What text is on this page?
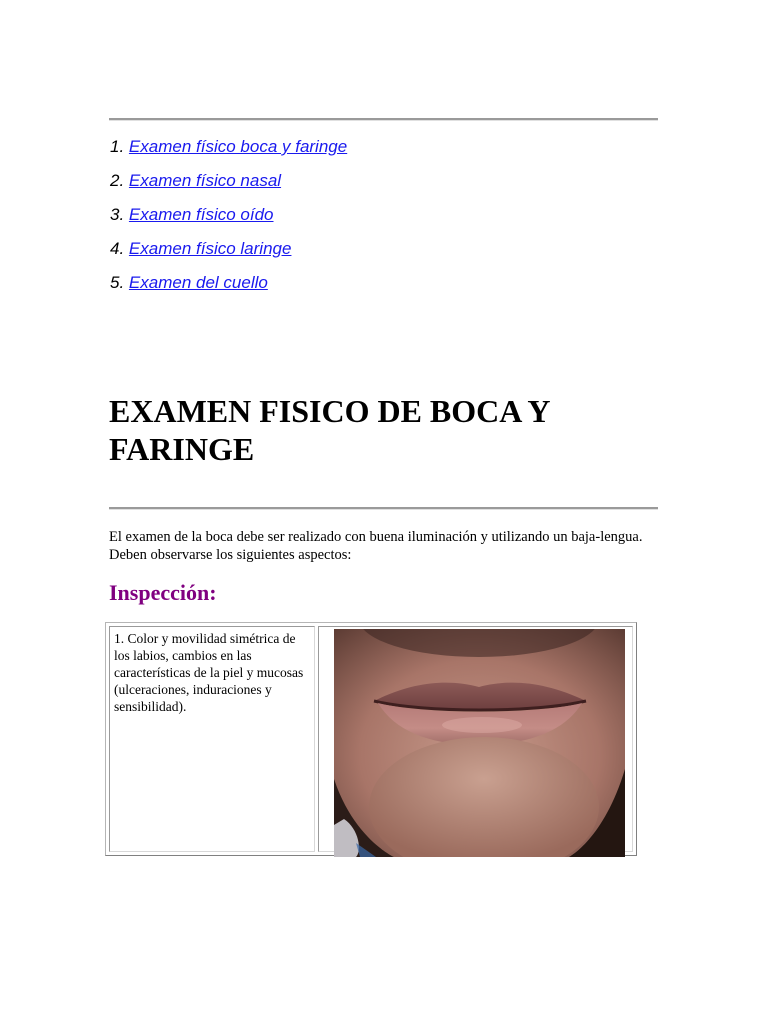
1. Examen físico boca y faringe
2. Examen físico nasal
3. Examen físico oído
4. Examen físico laringe
5. Examen del cuello
EXAMEN FISICO DE BOCA Y FARINGE

El examen de la boca debe ser realizado con buena iluminación y utilizando un baja-lengua. Deben observarse los siguientes aspectos:

Inspección:
1. Color y movilidad simétrica de los labios, cambios en las características de la piel y mucosas (ulceraciones, induraciones y sensibilidad).
